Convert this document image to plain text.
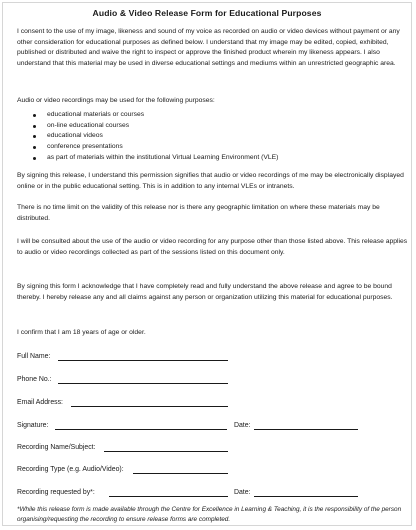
Audio & Video Release Form for Educational Purposes

I consent to the use of my image, likeness and sound of my voice as recorded on audio or video devices without payment or any other consideration for educational purposes as defined below. I understand that my image may be edited, copied, exhibited, published or distributed and waive the right to inspect or approve the finished product wherein my likeness appears. I also understand that this material may be used in diverse educational settings and mediums within an unrestricted geographic area.

Audio or video recordings may be used for the following purposes:

educational materials or courses
on-line educational courses
educational videos
conference presentations
as part of materials within the institutional Virtual Learning Environment (VLE)

By signing this release, I understand this permission signifies that audio or video recordings of me may be electronically displayed online or in the public educational setting. This is in addition to any internal VLEs or intranets.

There is no time limit on the validity of this release nor is there any geographic limitation on where these materials may be distributed.

I will be consulted about the use of the audio or video recording for any purpose other than those listed above. This release applies to audio or video recordings collected as part of the sessions listed on this document only.

By signing this form I acknowledge that I have completely read and fully understand the above release and agree to be bound thereby. I hereby release any and all claims against any person or organization utilizing this material for educational purposes.

I confirm that I am 18 years of age or older.

Full Name:
Phone No.:
Email Address:
Signature:	Date:
Recording Name/Subject:
Recording Type (e.g. Audio/Video):
Recording requested by*:	Date:

*While this release form is made available through the Centre for Excellence in Learning & Teaching, it is the responsibility of the person organising/requesting the recording to ensure release forms are completed.
